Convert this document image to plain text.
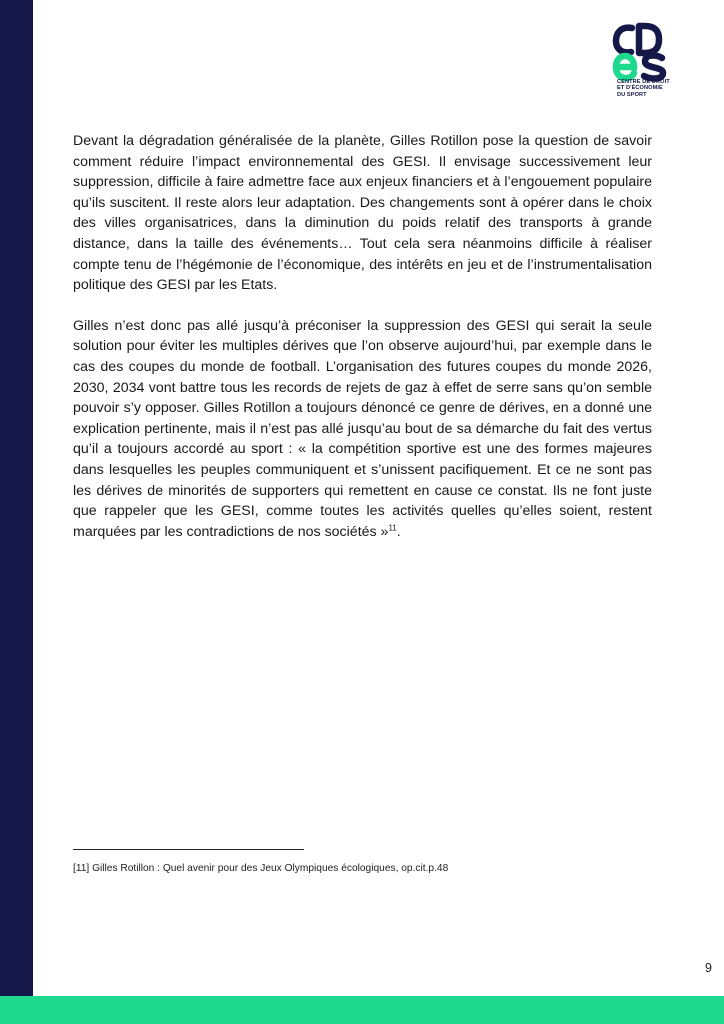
CENTRE DE DROIT
ET D'ÉCONOMIE
DU SPORT

Devant la dégradation généralisée de la planète, Gilles Rotillon pose la question de savoir comment réduire l’impact environnemental des GESI. Il envisage successivement leur suppression, difficile à faire admettre face aux enjeux financiers et à l’engouement populaire qu’ils suscitent. Il reste alors leur adaptation. Des changements sont à opérer dans le choix des villes organisatrices, dans la diminution du poids relatif des transports à grande distance, dans la taille des événements… Tout cela sera néanmoins difficile à réaliser compte tenu de l’hégémonie de l’économique, des intérêts en jeu et de l’instrumentalisation politique des GESI par les Etats.

Gilles n’est donc pas allé jusqu’à préconiser la suppression des GESI qui serait la seule solution pour éviter les multiples dérives que l’on observe aujourd’hui, par exemple dans le cas des coupes du monde de football. L’organisation des futures coupes du monde 2026, 2030, 2034 vont battre tous les records de rejets de gaz à effet de serre sans qu’on semble pouvoir s’y opposer. Gilles Rotillon a toujours dénoncé ce genre de dérives, en a donné une explication pertinente, mais il n’est pas allé jusqu’au bout de sa démarche du fait des vertus qu’il a toujours accordé au sport : « la compétition sportive est une des formes majeures dans lesquelles les peuples communiquent et s’unissent pacifiquement. Et ce ne sont pas les dérives de minorités de supporters qui remettent en cause ce constat. Ils ne font juste que rappeler que les GESI, comme toutes les activités quelles qu’elles soient, restent marquées par les contradictions de nos sociétés »$^{11}$.

[11] Gilles Rotillon : Quel avenir pour des Jeux Olympiques écologiques, op.cit.p.48
9
